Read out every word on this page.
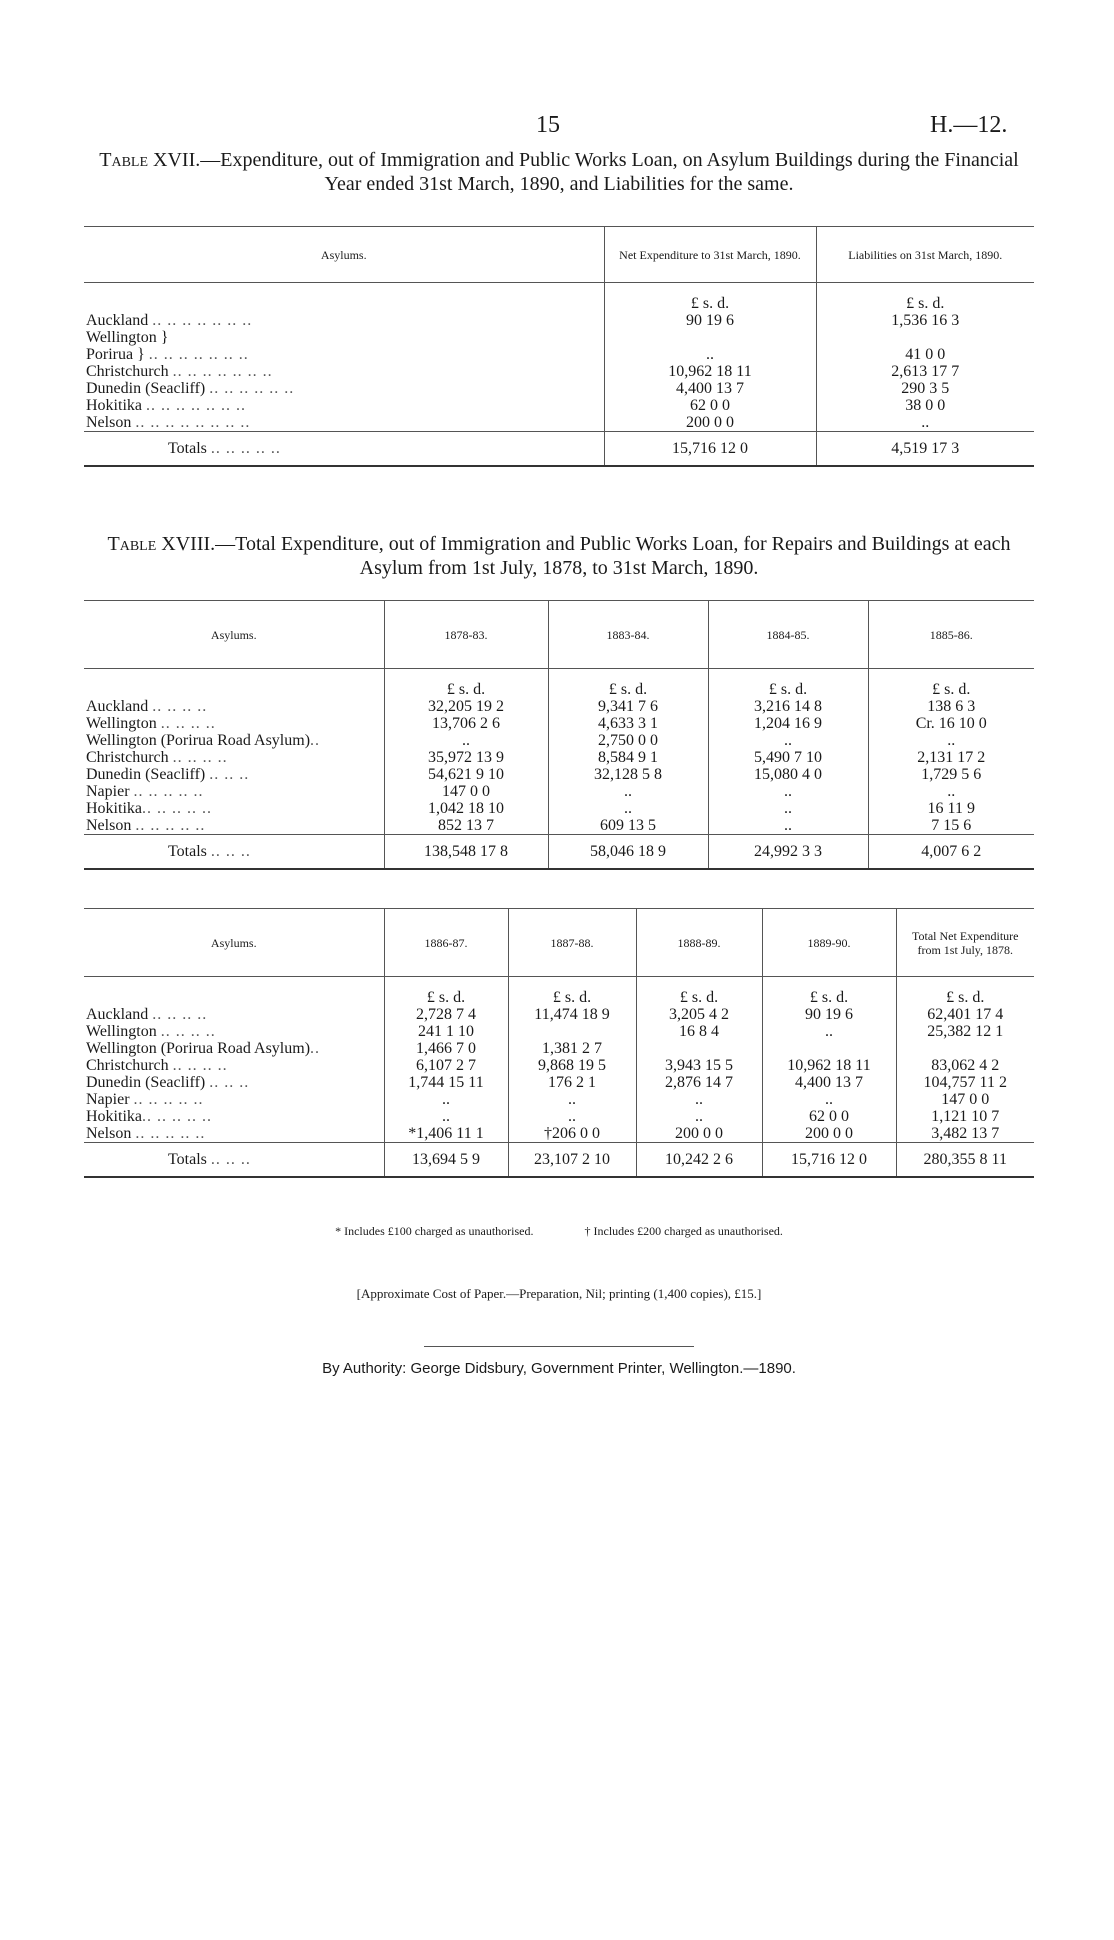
15	H.—12.
Table XVII.—Expenditure, out of Immigration and Public Works Loan, on Asylum Buildings during the Financial Year ended 31st March, 1890, and Liabilities for the same.
Asylums.	Net Expenditure to 31st March, 1890.	Liabilities on 31st March, 1890.
	£ s. d.	£ s. d.
Auckland .. .. .. .. .. .. ..	90 19 6	1,536 16 3
Wellington }		
Porirua } .. .. .. .. .. .. ..	..	41 0 0
Christchurch .. .. .. .. .. .. ..	10,962 18 11	2,613 17 7
Dunedin (Seacliff) .. .. .. .. .. ..	4,400 13 7	290 3 5
Hokitika .. .. .. .. .. .. ..	62 0 0	38 0 0
Nelson .. .. .. .. .. .. .. ..	200 0 0	..
Totals .. .. .. .. ..	15,716 12 0	4,519 17 3
Table XVIII.—Total Expenditure, out of Immigration and Public Works Loan, for Repairs and Buildings at each Asylum from 1st July, 1878, to 31st March, 1890.
Asylums.	1878-83.	1883-84.	1884-85.	1885-86.
	£ s. d.	£ s. d.	£ s. d.	£ s. d.
Auckland .. .. .. ..	32,205 19 2	9,341 7 6	3,216 14 8	138 6 3
Wellington .. .. .. ..	13,706 2 6	4,633 3 1	1,204 16 9	Cr. 16 10 0
Wellington (Porirua Road Asylum)..	..	2,750 0 0	..	..
Christchurch .. .. .. ..	35,972 13 9	8,584 9 1	5,490 7 10	2,131 17 2
Dunedin (Seacliff) .. .. ..	54,621 9 10	32,128 5 8	15,080 4 0	1,729 5 6
Napier .. .. .. .. ..	147 0 0	..	..	..
Hokitika.. .. .. .. ..	1,042 18 10	..	..	16 11 9
Nelson .. .. .. .. ..	852 13 7	609 13 5	..	7 15 6
Totals .. .. ..	138,548 17 8	58,046 18 9	24,992 3 3	4,007 6 2
Asylums.	1886-87.	1887-88.	1888-89.	1889-90.	Total Net Expenditure from 1st July, 1878.
	£ s. d.	£ s. d.	£ s. d.	£ s. d.	£ s. d.
Auckland .. .. .. ..	2,728 7 4	11,474 18 9	3,205 4 2	90 19 6	62,401 17 4
Wellington .. .. .. ..	241 1 10		16 8 4	..	25,382 12 1
Wellington (Porirua Road Asylum)..	1,466 7 0	1,381 2 7			
Christchurch .. .. .. ..	6,107 2 7	9,868 19 5	3,943 15 5	10,962 18 11	83,062 4 2
Dunedin (Seacliff) .. .. ..	1,744 15 11	176 2 1	2,876 14 7	4,400 13 7	104,757 11 2
Napier .. .. .. .. ..	..	..	..	..	147 0 0
Hokitika.. .. .. .. ..	..	..	..	62 0 0	1,121 10 7
Nelson .. .. .. .. ..	*1,406 11 1	†206 0 0	200 0 0	200 0 0	3,482 13 7
Totals .. .. ..	13,694 5 9	23,107 2 10	10,242 2 6	15,716 12 0	280,355 8 11
* Includes £100 charged as unauthorised.	† Includes £200 charged as unauthorised.
[Approximate Cost of Paper.—Preparation, Nil; printing (1,400 copies), £15.]
By Authority: George Didsbury, Government Printer, Wellington.—1890.
